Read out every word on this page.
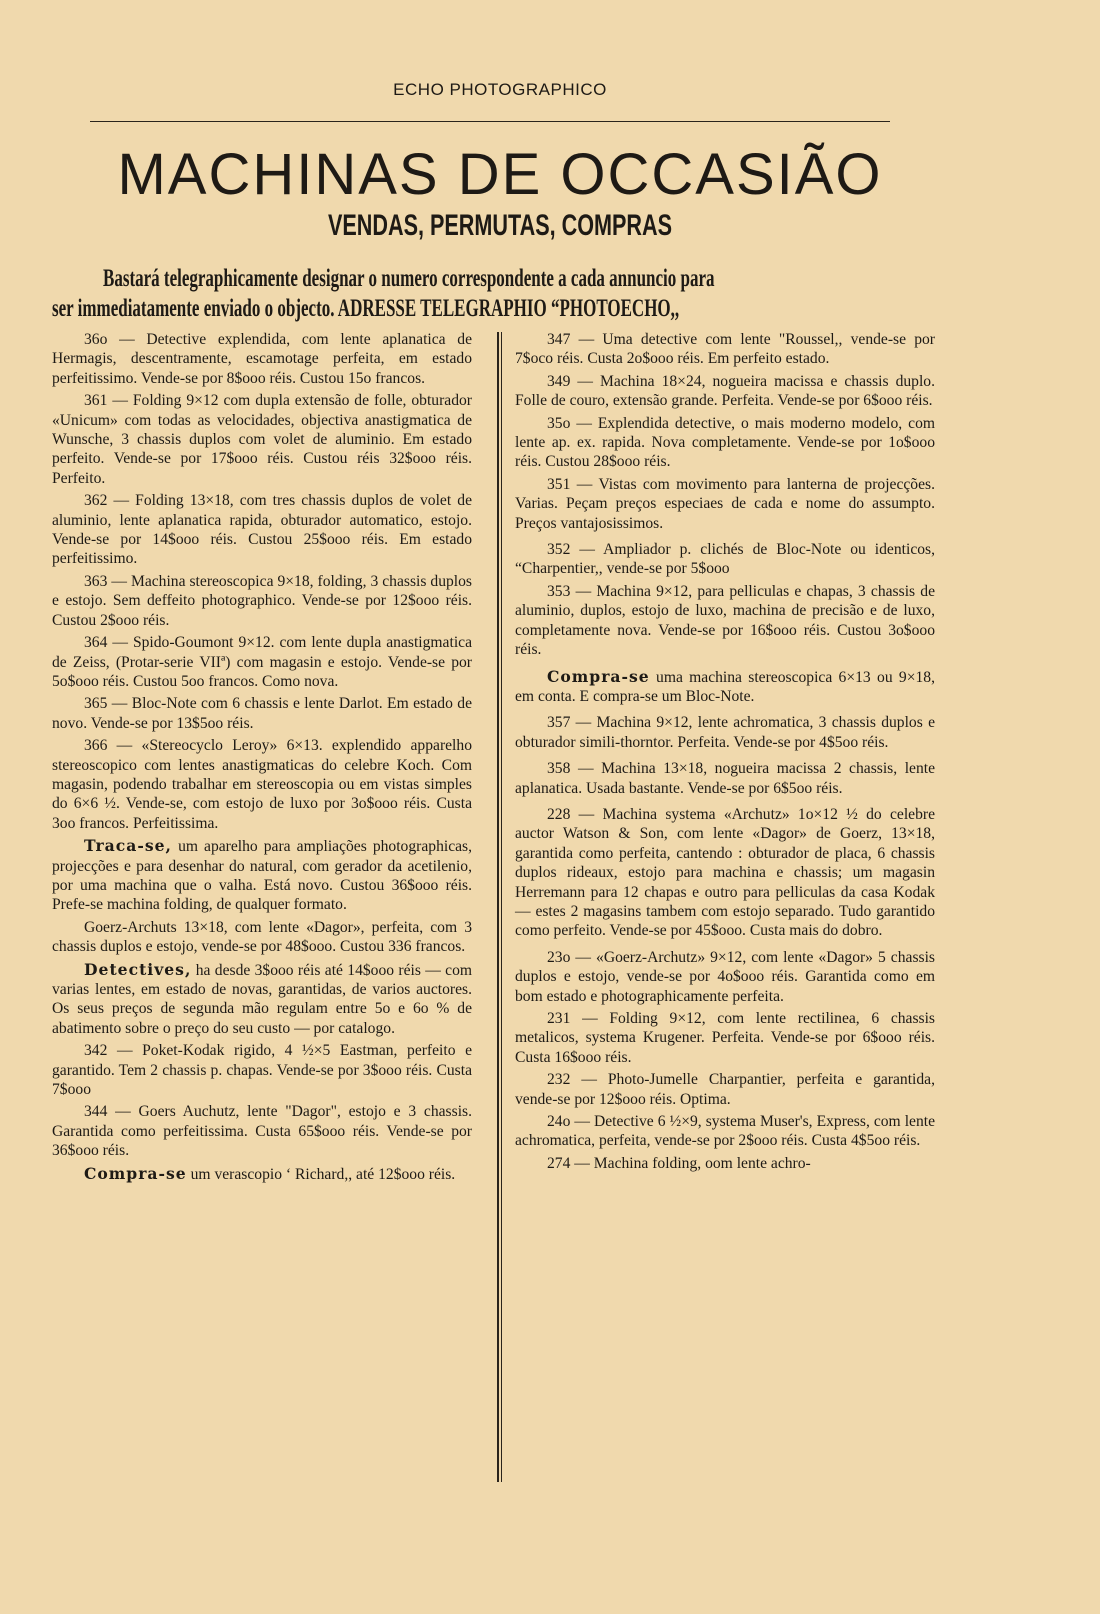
ECHO PHOTOGRAPHICO
MACHINAS DE OCCASIÃO
VENDAS, PERMUTAS, COMPRAS
Bastará telegraphicamente designar o numero correspondente a cada annuncio para
ser immediatamente enviado o objecto. ADRESSE TELEGRAPHIO “PHOTOECHO,,

36o — Detective explendida, com lente aplanatica de Hermagis, descentramente, escamotage perfeita, em estado perfeitissimo. Vende-se por 8$ooo réis. Custou 15o francos.

361 — Folding 9×12 com dupla extensão de folle, obturador «Unicum» com todas as velocidades, objectiva anastigmatica de Wunsche, 3 chassis duplos com volet de aluminio. Em estado perfeito. Vende-se por 17$ooo réis. Custou réis 32$ooo réis. Perfeito.

362 — Folding 13×18, com tres chassis duplos de volet de aluminio, lente aplanatica rapida, obturador automatico, estojo. Vende-se por 14$ooo réis. Custou 25$ooo réis. Em estado perfeitissimo.

363 — Machina stereoscopica 9×18, folding, 3 chassis duplos e estojo. Sem deffeito photographico. Vende-se por 12$ooo réis. Custou 2$ooo réis.

364 — Spido-Goumont 9×12. com lente dupla anastigmatica de Zeiss, (Protar-serie VIIª) com magasin e estojo. Vende-se por 5o$ooo réis. Custou 5oo francos. Como nova.

365 — Bloc-Note com 6 chassis e lente Darlot. Em estado de novo. Vende-se por 13$5oo réis.

366 — «Stereocyclo Leroy» 6×13. explendido apparelho stereoscopico com lentes anastigmaticas do celebre Koch. Com magasin, podendo trabalhar em stereoscopia ou em vistas simples do 6×6 ½. Vende-se, com estojo de luxo por 3o$ooo réis. Custa 3oo francos. Perfeitissima.

Traca-se, um aparelho para ampliações photographicas, projecções e para desenhar do natural, com gerador da acetilenio, por uma machina que o valha. Está novo. Custou 36$ooo réis. Prefe-se machina folding, de qualquer formato.

Goerz-Archuts 13×18, com lente «Dagor», perfeita, com 3 chassis duplos e estojo, vende-se por 48$ooo. Custou 336 francos.

Detectives, ha desde 3$ooo réis até 14$ooo réis — com varias lentes, em estado de novas, garantidas, de varios auctores. Os seus preços de segunda mão regulam entre 5o e 6o % de abatimento sobre o preço do seu custo — por catalogo.

342 — Poket-Kodak rigido, 4 ½×5 Eastman, perfeito e garantido. Tem 2 chassis p. chapas. Vende-se por 3$ooo réis. Custa 7$ooo

344 — Goers Auchutz, lente "Dagor", estojo e 3 chassis. Garantida como perfeitissima. Custa 65$ooo réis. Vende-se por 36$ooo réis.

Compra-se um verascopio ‘ Richard,, até 12$ooo réis.

347 — Uma detective com lente "Roussel,, vende-se por 7$oco réis. Custa 2o$ooo réis. Em perfeito estado.

349 — Machina 18×24, nogueira macissa e chassis duplo. Folle de couro, extensão grande. Perfeita. Vende-se por 6$ooo réis.

35o — Explendida detective, o mais moderno modelo, com lente ap. ex. rapida. Nova completamente. Vende-se por 1o$ooo réis. Custou 28$ooo réis.

351 — Vistas com movimento para lanterna de projecções. Varias. Peçam preços especiaes de cada e nome do assumpto. Preços vantajosissimos.

352 — Ampliador p. clichés de Bloc-Note ou identicos, “Charpentier,, vende-se por 5$ooo

353 — Machina 9×12, para pelliculas e chapas, 3 chassis de aluminio, duplos, estojo de luxo, machina de precisão e de luxo, completamente nova. Vende-se por 16$ooo réis. Custou 3o$ooo réis.

Compra-se uma machina stereoscopica 6×13 ou 9×18, em conta. E compra-se um Bloc-Note.

357 — Machina 9×12, lente achromatica, 3 chassis duplos e obturador simili-thorntor. Perfeita. Vende-se por 4$5oo réis.

358 — Machina 13×18, nogueira macissa 2 chassis, lente aplanatica. Usada bastante. Vende-se por 6$5oo réis.

228 — Machina systema «Archutz» 1o×12 ½ do celebre auctor Watson & Son, com lente «Dagor» de Goerz, 13×18, garantida como perfeita, cantendo : obturador de placa, 6 chassis duplos rideaux, estojo para machina e chassis; um magasin Herremann para 12 chapas e outro para pelliculas da casa Kodak — estes 2 magasins tambem com estojo separado. Tudo garantido como perfeito. Vende-se por 45$ooo. Custa mais do dobro.

23o — «Goerz-Archutz» 9×12, com lente «Dagor» 5 chassis duplos e estojo, vende-se por 4o$ooo réis. Garantida como em bom estado e photographicamente perfeita.

231 — Folding 9×12, com lente rectilinea, 6 chassis metalicos, systema Krugener. Perfeita. Vende-se por 6$ooo réis. Custa 16$ooo réis.

232 — Photo-Jumelle Charpantier, perfeita e garantida, vende-se por 12$ooo réis. Optima.

24o — Detective 6 ½×9, systema Muser's, Express, com lente achromatica, perfeita, vende-se por 2$ooo réis. Custa 4$5oo réis.

274 — Machina folding, oom lente achro-
